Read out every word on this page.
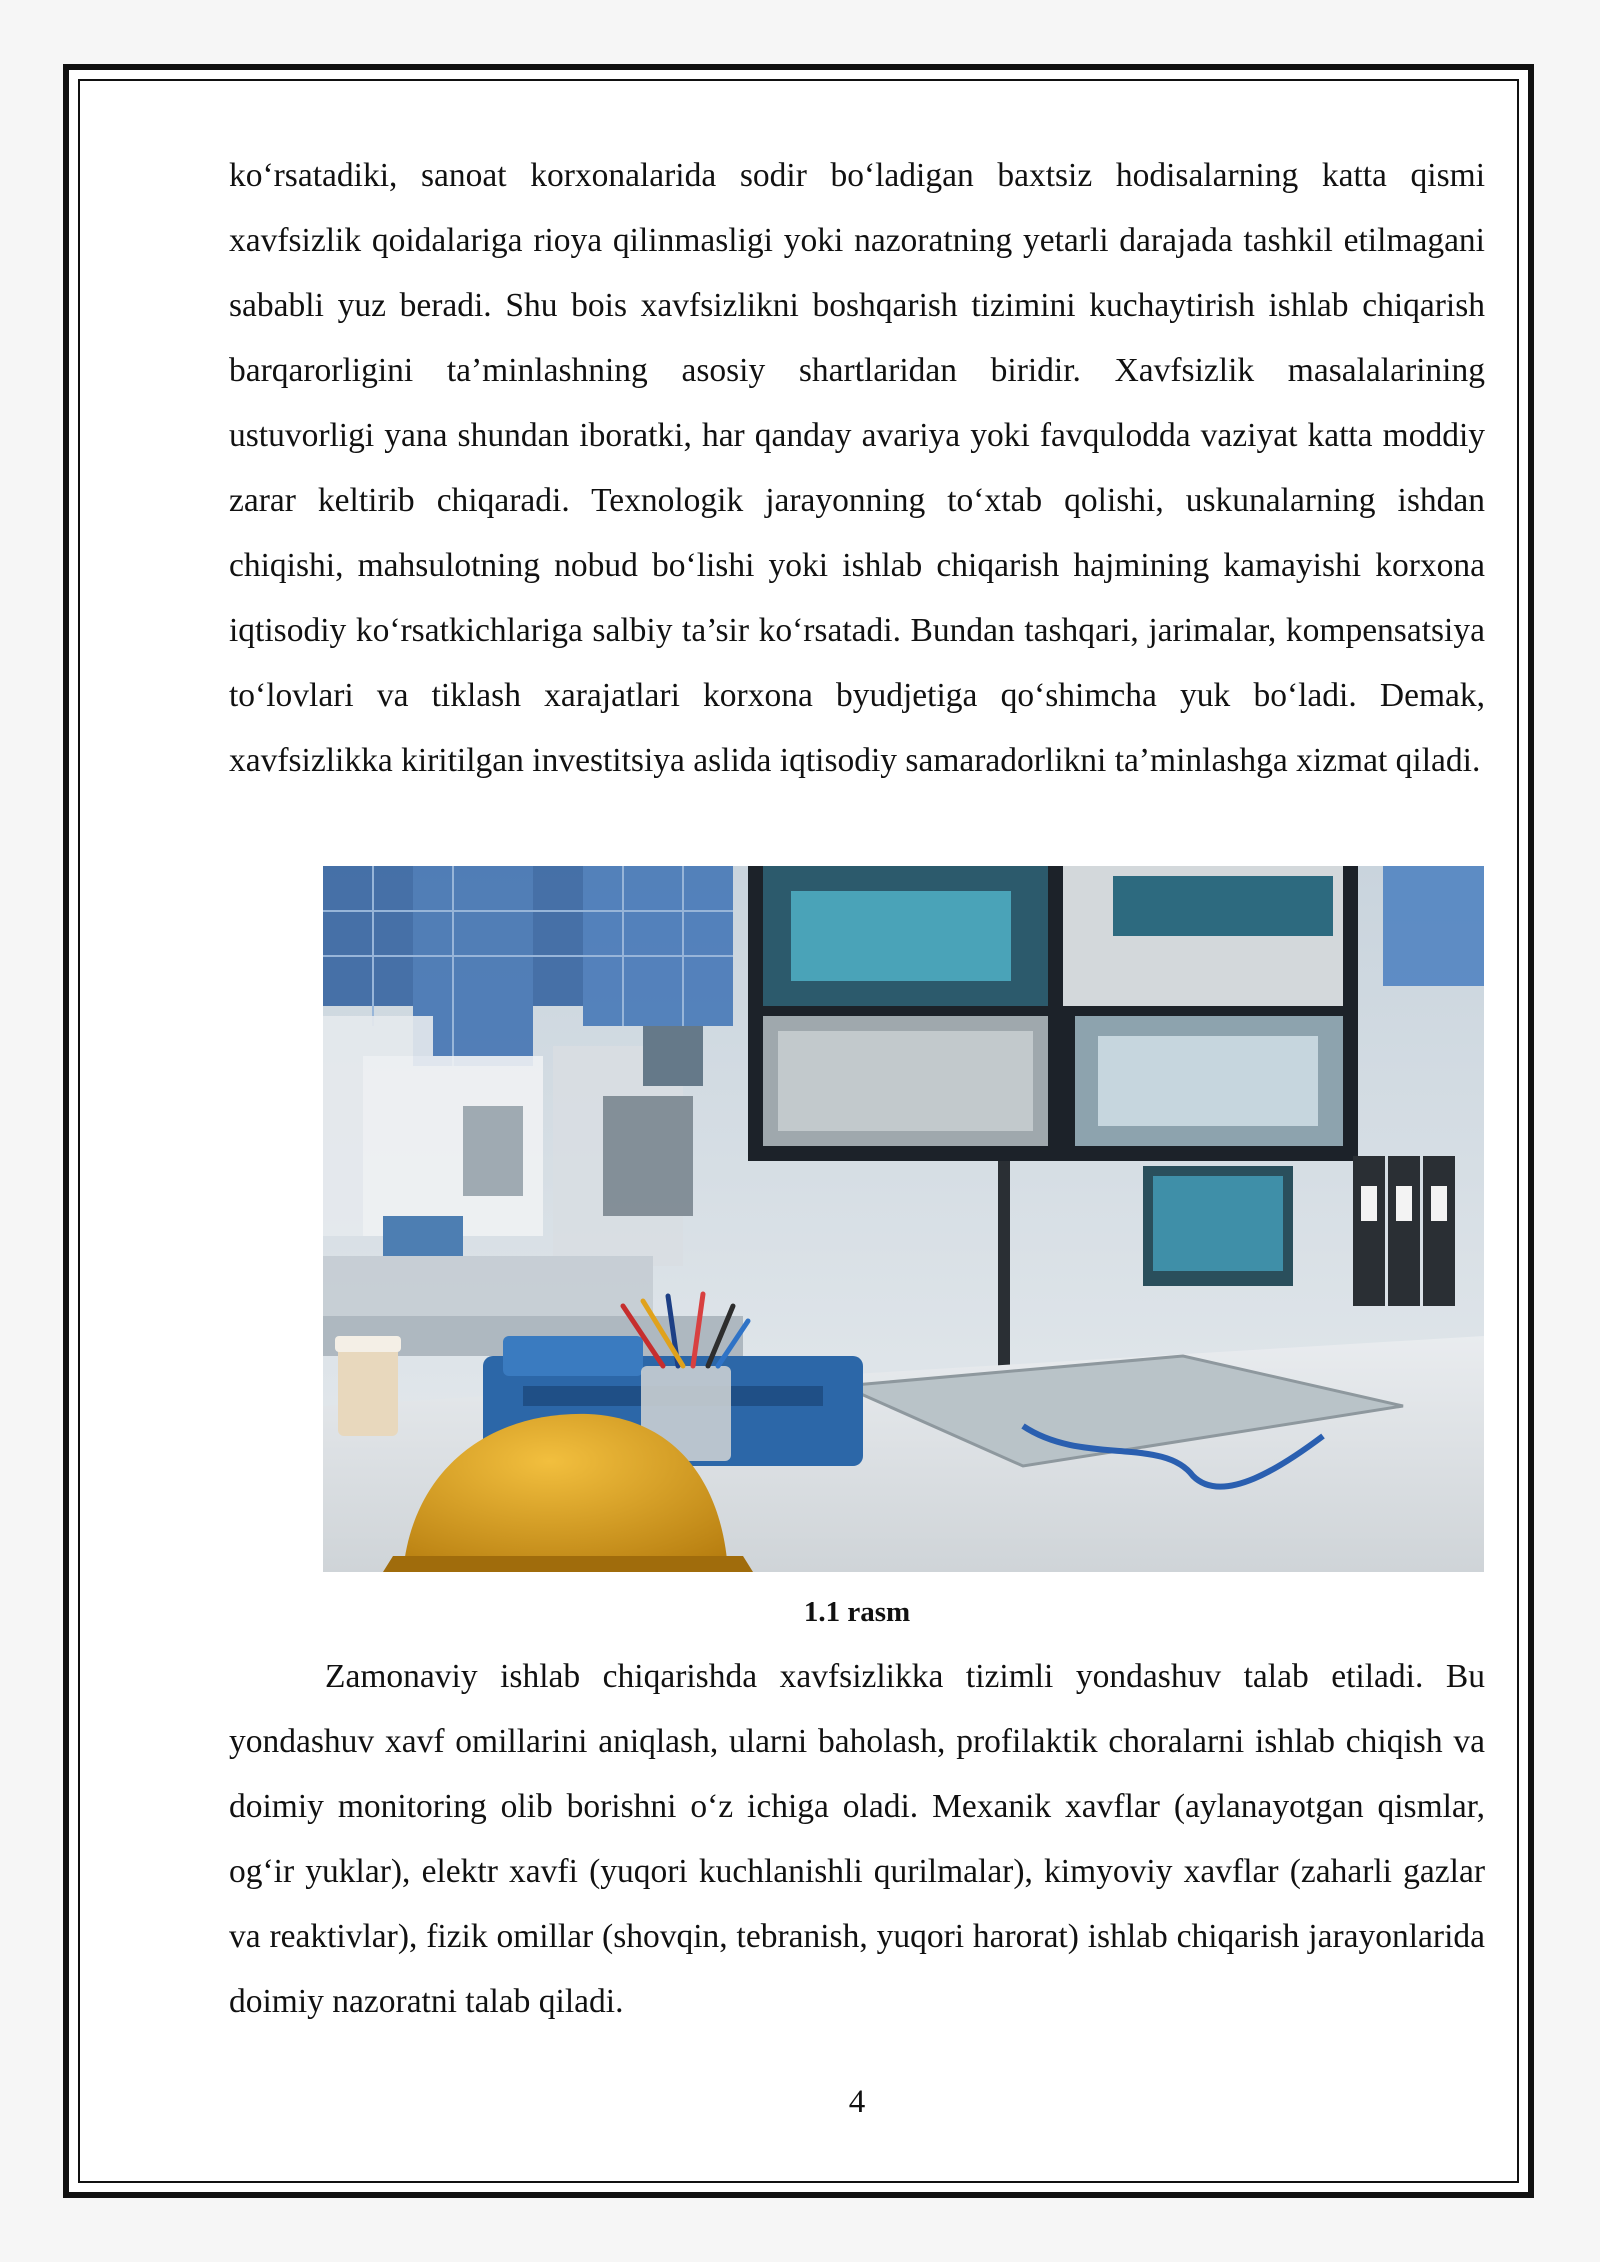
ko‘rsatadiki, sanoat korxonalarida sodir bo‘ladigan baxtsiz hodisalarning katta qismi xavfsizlik qoidalariga rioya qilinmasligi yoki nazoratning yetarli darajada tashkil etilmagani sababli yuz beradi. Shu bois xavfsizlikni boshqarish tizimini kuchaytirish ishlab chiqarish barqarorligini ta’minlashning asosiy shartlaridan biridir. Xavfsizlik masalalarining ustuvorligi yana shundan iboratki, har qanday avariya yoki favqulodda vaziyat katta moddiy zarar keltirib chiqaradi. Texnologik jarayonning to‘xtab qolishi, uskunalarning ishdan chiqishi, mahsulotning nobud bo‘lishi yoki ishlab chiqarish hajmining kamayishi korxona iqtisodiy ko‘rsatkichlariga salbiy ta’sir ko‘rsatadi. Bundan tashqari, jarimalar, kompensatsiya to‘lovlari va tiklash xarajatlari korxona byudjetiga qo‘shimcha yuk bo‘ladi. Demak, xavfsizlikka kiritilgan investitsiya aslida iqtisodiy samaradorlikni ta’minlashga xizmat qiladi.

1.1 rasm

Zamonaviy ishlab chiqarishda xavfsizlikka tizimli yondashuv talab etiladi. Bu yondashuv xavf omillarini aniqlash, ularni baholash, profilaktik choralarni ishlab chiqish va doimiy monitoring olib borishni o‘z ichiga oladi. Mexanik xavflar (aylanayotgan qismlar, og‘ir yuklar), elektr xavfi (yuqori kuchlanishli qurilmalar), kimyoviy xavflar (zaharli gazlar va reaktivlar), fizik omillar (shovqin, tebranish, yuqori harorat) ishlab chiqarish jarayonlarida doimiy nazoratni talab qiladi.

4
